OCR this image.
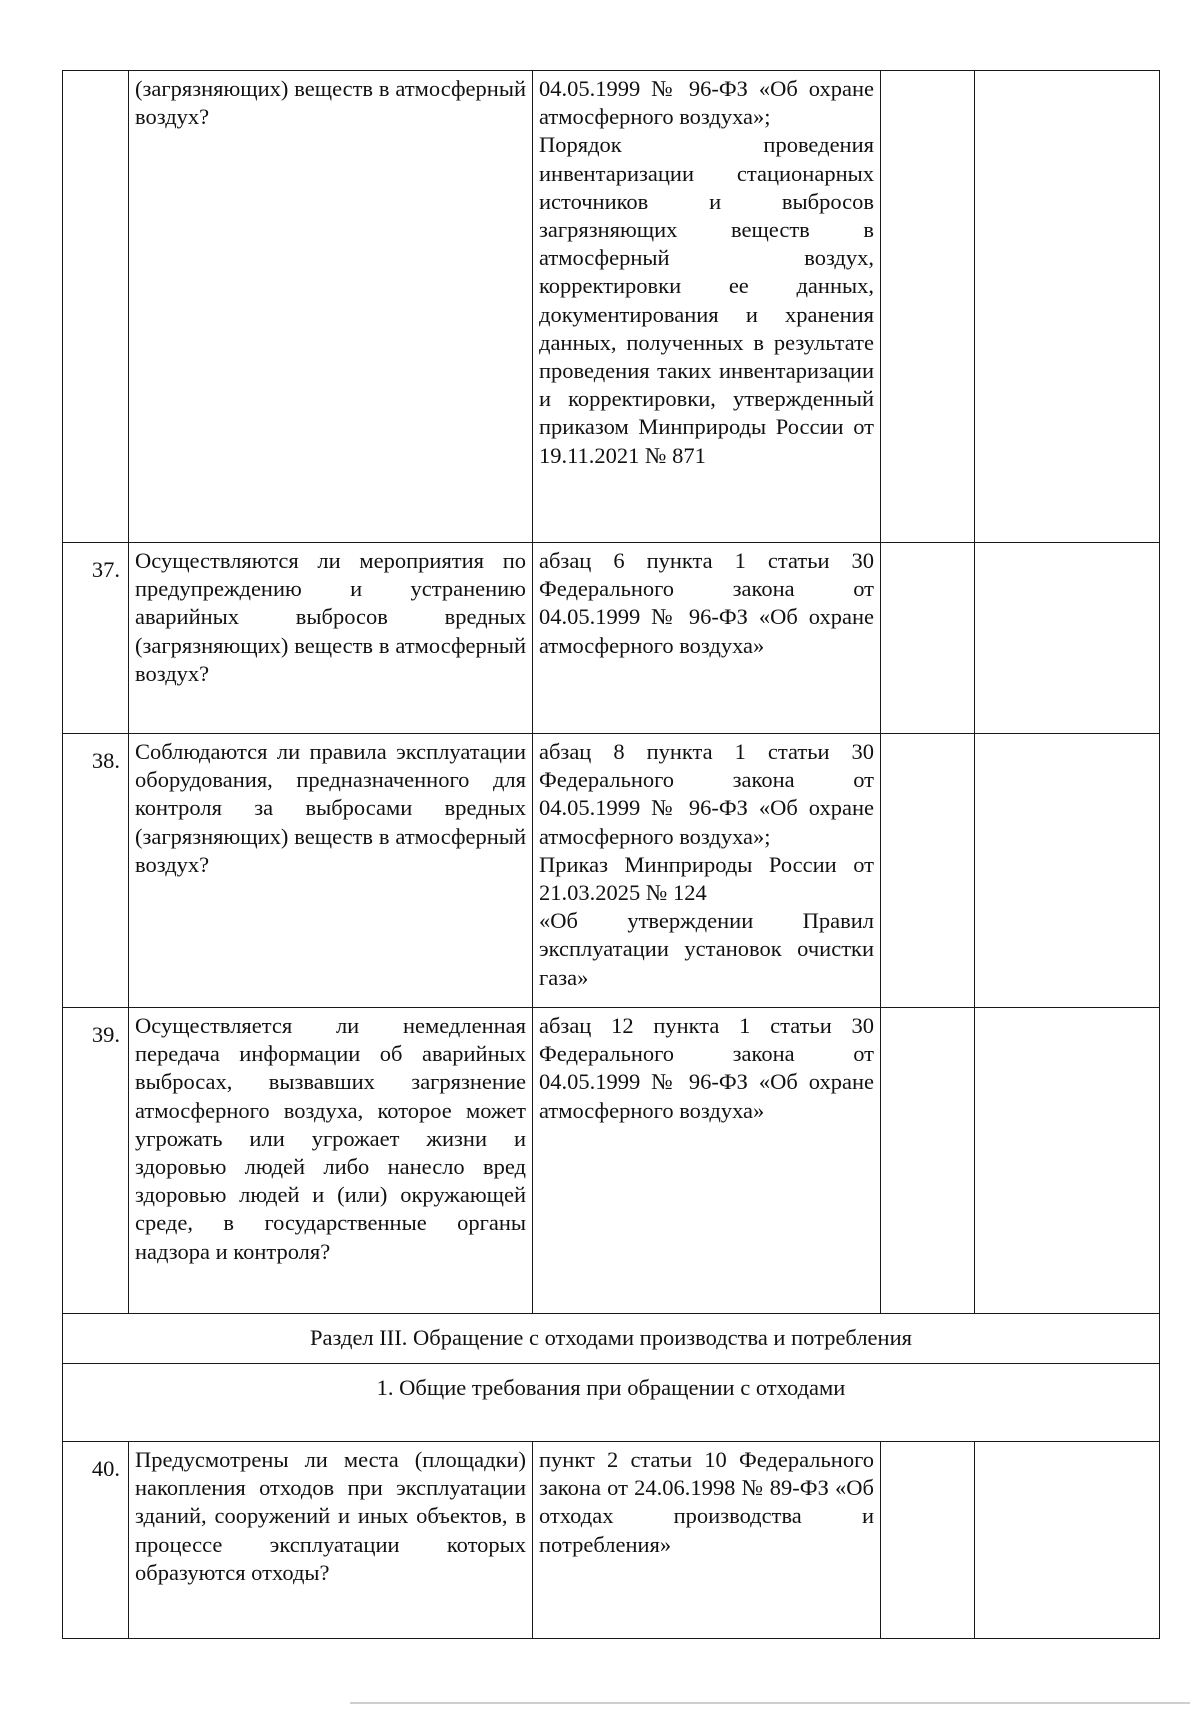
	(загрязняющих) веществ в атмосферный воздух?	04.05.1999 № 96-ФЗ «Об охране атмосферного воздуха»;
Порядок проведения инвентаризации стационарных источников и выбросов загрязняющих веществ в атмосферный воздух, корректировки ее данных, документирования и хранения данных, полученных в результате проведения таких инвентаризации и корректировки, утвержденный приказом Минприроды России от 19.11.2021 № 871		

37.	Осуществляются ли мероприятия по предупреждению и устранению аварийных выбросов вредных (загрязняющих) веществ в атмосферный воздух?	абзац 6 пункта 1 статьи 30 Федерального закона от 04.05.1999 № 96-ФЗ «Об охране атмосферного воздуха»		

38.	Соблюдаются ли правила эксплуатации оборудования, предназначенного для контроля за выбросами вредных (загрязняющих) веществ в атмосферный воздух?	абзац 8 пункта 1 статьи 30 Федерального закона от 04.05.1999 № 96-ФЗ «Об охране атмосферного воздуха»;
Приказ Минприроды России от 21.03.2025 № 124
«Об утверждении Правил эксплуатации установок очистки газа»		

39.	Осуществляется ли немедленная передача информации об аварийных выбросах, вызвавших загрязнение атмосферного воздуха, которое может угрожать или угрожает жизни и здоровью людей либо нанесло вред здоровью людей и (или) окружающей среде, в государственные органы надзора и контроля?	абзац 12 пункта 1 статьи 30 Федерального закона от 04.05.1999 № 96-ФЗ «Об охране атмосферного воздуха»		

Раздел III. Обращение с отходами производства и потребления				
1. Общие требования при обращении с отходами				
40.	Предусмотрены ли места (площадки) накопления отходов при эксплуатации зданий, сооружений и иных объектов, в процессе эксплуатации которых образуются отходы?	пункт 2 статьи 10 Федерального закона от 24.06.1998 № 89-ФЗ «Об отходах производства и потребления»		
